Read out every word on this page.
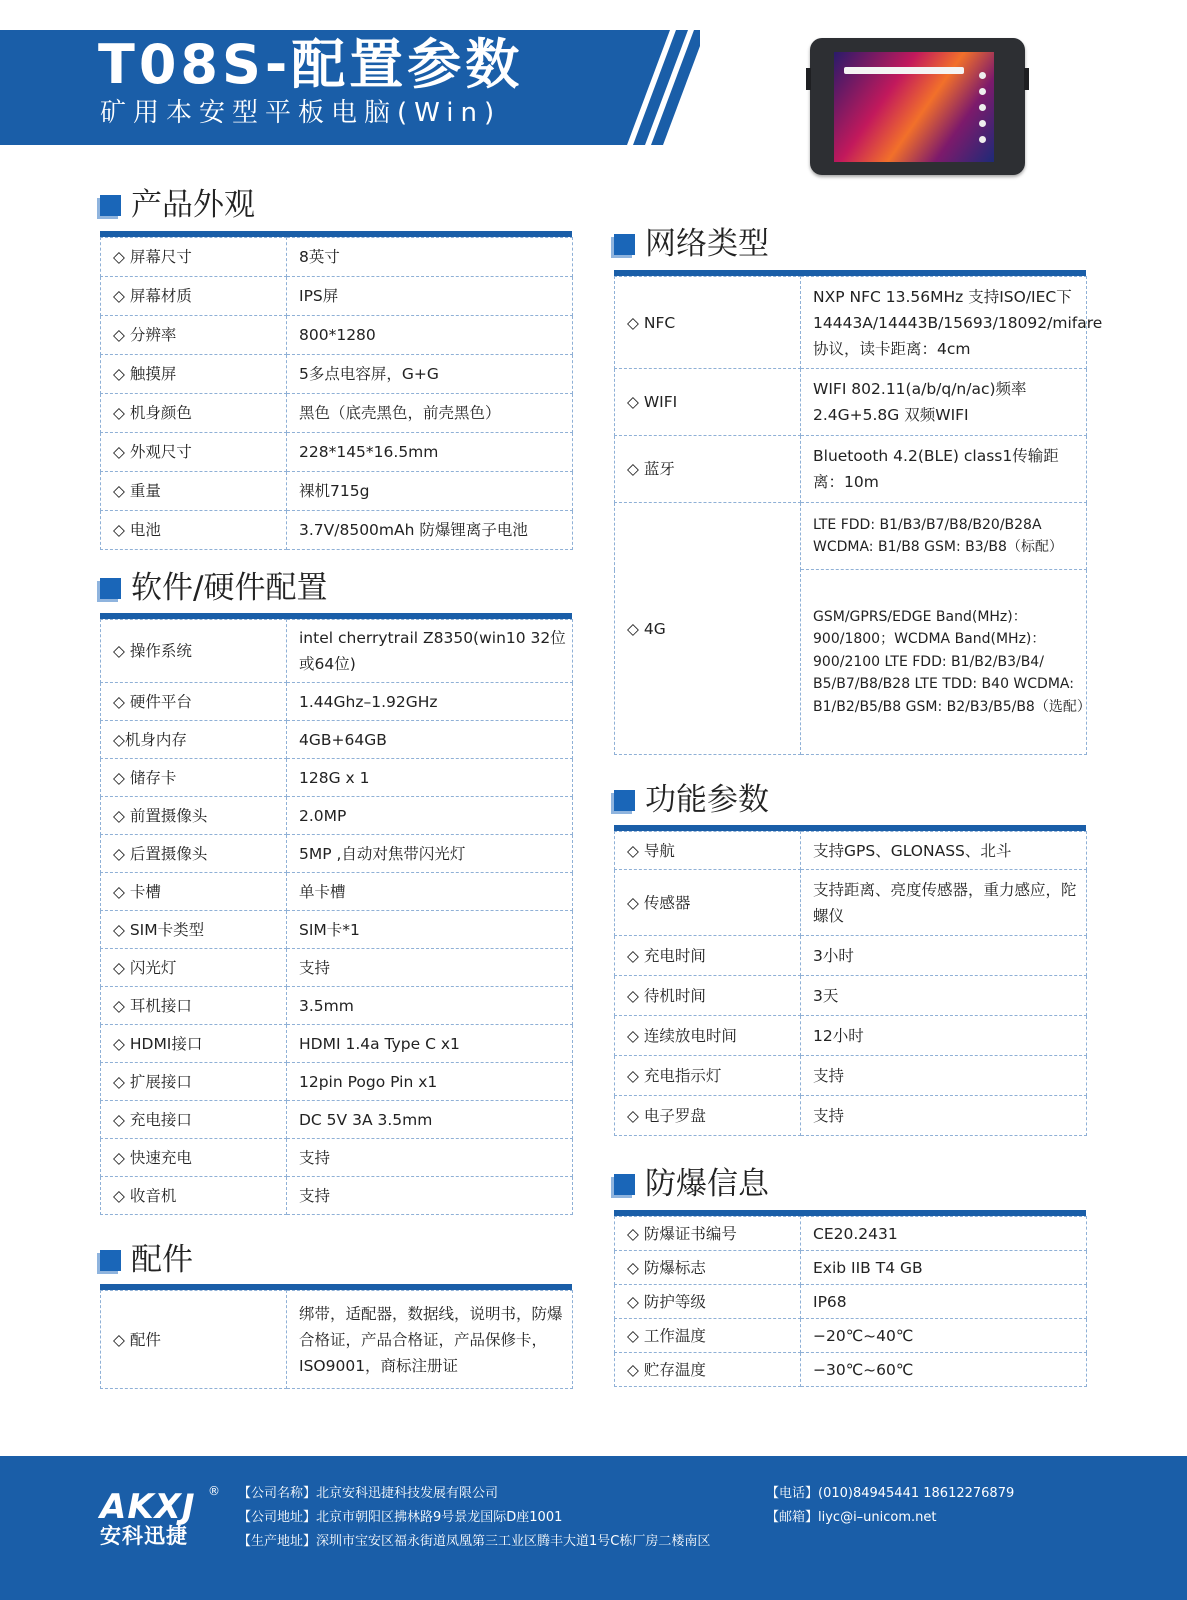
T08S-配置参数
矿用本安型平板电脑(Win)
产品外观
◇ 屏幕尺寸	8英寸
◇ 屏幕材质	IPS屏
◇ 分辨率	800*1280
◇ 触摸屏	5多点电容屏，G+G
◇ 机身颜色	黑色（底壳黑色，前壳黑色）
◇ 外观尺寸	228*145*16.5mm
◇ 重量	裸机715g
◇ 电池	3.7V/8500mAh 防爆锂离子电池
软件/硬件配置
◇ 操作系统	intel cherrytrail Z8350(win10 32位或64位)
◇ 硬件平台	1.44Ghz–1.92GHz
◇机身内存	4GB+64GB
◇ 储存卡	128G x 1
◇ 前置摄像头	2.0MP
◇ 后置摄像头	5MP ,自动对焦带闪光灯
◇ 卡槽	单卡槽
◇ SIM卡类型	SIM卡*1
◇ 闪光灯	支持
◇ 耳机接口	3.5mm
◇ HDMI接口	HDMI 1.4a Type C x1
◇ 扩展接口	12pin Pogo Pin x1
◇ 充电接口	DC 5V 3A 3.5mm
◇ 快速充电	支持
◇ 收音机	支持
配件
◇ 配件	绑带，适配器，数据线，说明书，防爆合格证，产品合格证，产品保修卡，ISO9001，商标注册证
网络类型
◇ NFC	NXP NFC 13.56MHz 支持ISO/IEC下14443A/14443B/15693/18092/mifare 协议，读卡距离：4cm
◇ WIFI	WIFI 802.11(a/b/q/n/ac)频率2.4G+5.8G 双频WIFI
◇ 蓝牙	Bluetooth 4.2(BLE) class1传输距离：10m
◇ 4G	LTE FDD: B1/B3/B7/B8/B20/B28A WCDMA: B1/B8 GSM: B3/B8（标配）
	GSM/GPRS/EDGE Band(MHz)：900/1800；WCDMA Band(MHz)：900/2100 LTE FDD: B1/B2/B3/B4/ B5/B7/B8/B28 LTE TDD: B40 WCDMA: B1/B2/B5/B8 GSM: B2/B3/B5/B8（选配）
功能参数
◇ 导航	支持GPS、GLONASS、北斗
◇ 传感器	支持距离、亮度传感器，重力感应，陀螺仪
◇ 充电时间	3小时
◇ 待机时间	3天
◇ 连续放电时间	12小时
◇ 充电指示灯	支持
◇ 电子罗盘	支持
防爆信息
◇ 防爆证书编号	CE20.2431
◇ 防爆标志	Exib IIB T4 GB
◇ 防护等级	IP68
◇ 工作温度	−20℃~40℃
◇ 贮存温度	−30℃~60℃
AKXJ ®
安科迅捷
【公司名称】北京安科迅捷科技发展有限公司
【公司地址】北京市朝阳区拂林路9号景龙国际D座1001
【生产地址】深圳市宝安区福永街道凤凰第三工业区腾丰大道1号C栋厂房二楼南区
【电话】(010)84945441 18612276879
【邮箱】liyc@i–unicom.net
